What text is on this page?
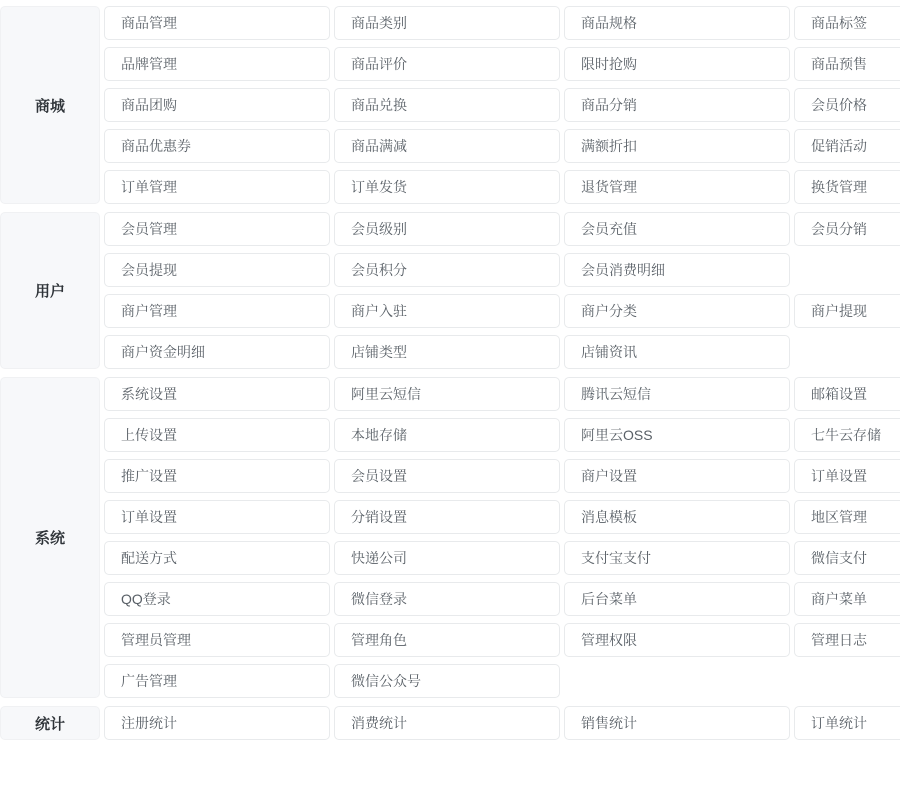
商城
商品管理	商品类别	商品规格	商品标签
品牌管理	商品评价	限时抢购	商品预售
商品团购	商品兑换	商品分销	会员价格
商品优惠券	商品满减	满额折扣	促销活动
订单管理	订单发货	退货管理	换货管理
用户
会员管理	会员级别	会员充值	会员分销
会员提现	会员积分	会员消费明细
商户管理	商户入驻	商户分类	商户提现
商户资金明细	店铺类型	店铺资讯
系统
系统设置	阿里云短信	腾讯云短信	邮箱设置
上传设置	本地存储	阿里云OSS	七牛云存储
推广设置	会员设置	商户设置	订单设置
订单设置	分销设置	消息模板	地区管理
配送方式	快递公司	支付宝支付	微信支付
QQ登录	微信登录	后台菜单	商户菜单
管理员管理	管理角色	管理权限	管理日志
广告管理	微信公众号
统计	注册统计	消费统计	销售统计	订单统计
